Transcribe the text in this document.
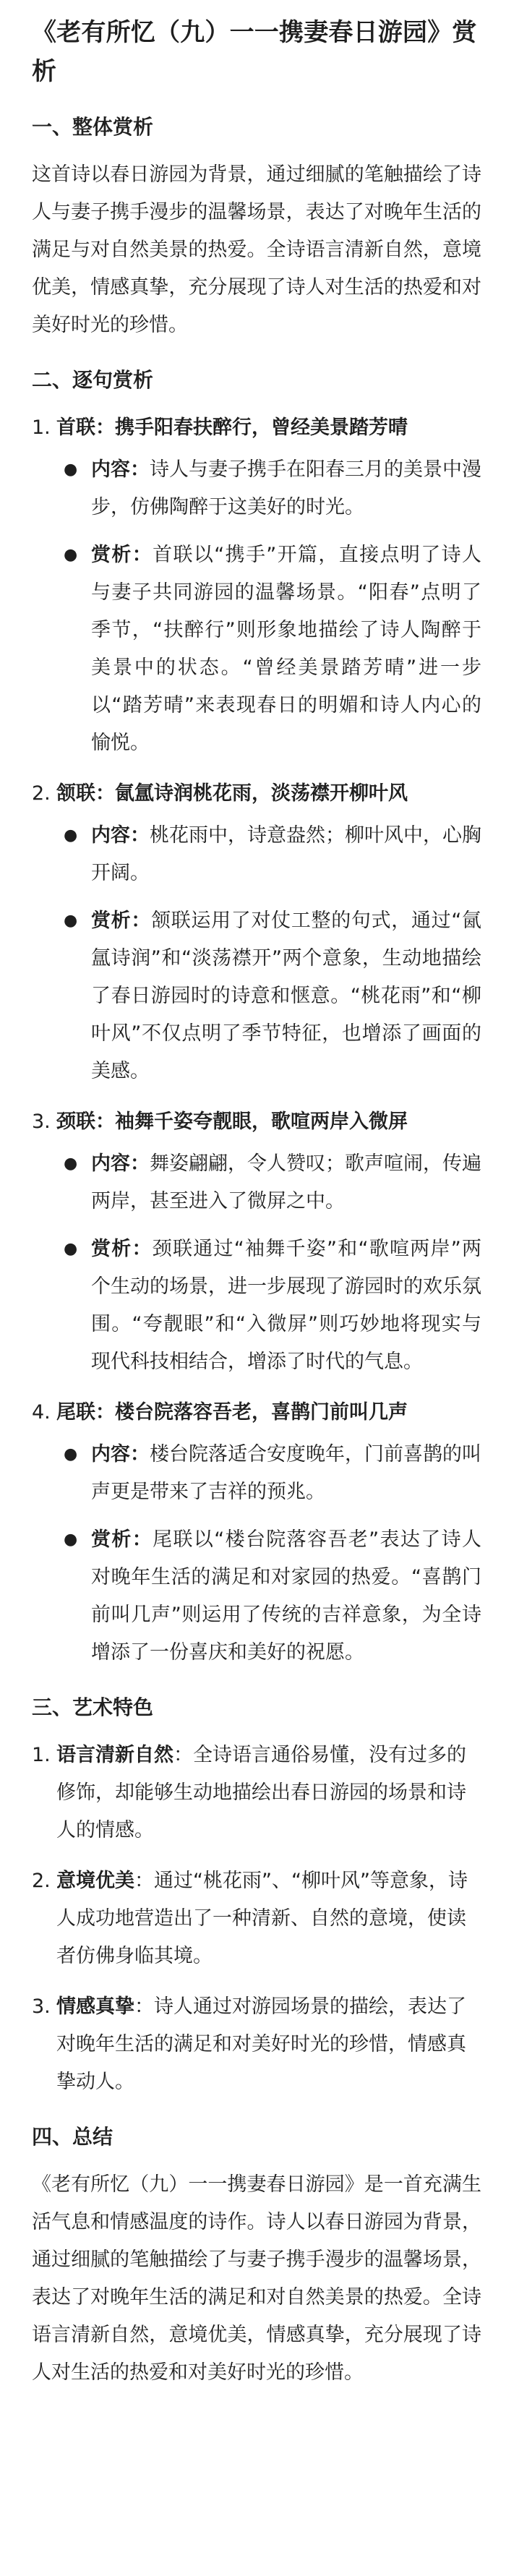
《老有所忆（九）一一携妻春日游园》赏析
一、整体赏析
这首诗以春日游园为背景，通过细腻的笔触描绘了诗人与妻子携手漫步的温馨场景，表达了对晚年生活的满足与对自然美景的热爱。全诗语言清新自然，意境优美，情感真挚，充分展现了诗人对生活的热爱和对美好时光的珍惜。
二、逐句赏析
1. 首联：携手阳春扶醉行，曾经美景踏芳晴
● 内容：诗人与妻子携手在阳春三月的美景中漫步，仿佛陶醉于这美好的时光。
● 赏析：首联以“携手”开篇，直接点明了诗人与妻子共同游园的温馨场景。“阳春”点明了季节，“扶醉行”则形象地描绘了诗人陶醉于美景中的状态。“曾经美景踏芳晴”进一步以“踏芳晴”来表现春日的明媚和诗人内心的愉悦。
2. 颔联：氤氲诗润桃花雨，淡荡襟开柳叶风
● 内容：桃花雨中，诗意盎然；柳叶风中，心胸开阔。
● 赏析：颔联运用了对仗工整的句式，通过“氤氲诗润”和“淡荡襟开”两个意象，生动地描绘了春日游园时的诗意和惬意。“桃花雨”和“柳叶风”不仅点明了季节特征，也增添了画面的美感。
3. 颈联：袖舞千姿夸靓眼，歌喧两岸入微屏
● 内容：舞姿翩翩，令人赞叹；歌声喧闹，传遍两岸，甚至进入了微屏之中。
● 赏析：颈联通过“袖舞千姿”和“歌喧两岸”两个生动的场景，进一步展现了游园时的欢乐氛围。“夸靓眼”和“入微屏”则巧妙地将现实与现代科技相结合，增添了时代的气息。
4. 尾联：楼台院落容吾老，喜鹊门前叫几声
● 内容：楼台院落适合安度晚年，门前喜鹊的叫声更是带来了吉祥的预兆。
● 赏析：尾联以“楼台院落容吾老”表达了诗人对晚年生活的满足和对家园的热爱。“喜鹊门前叫几声”则运用了传统的吉祥意象，为全诗增添了一份喜庆和美好的祝愿。
三、艺术特色
1. 语言清新自然：全诗语言通俗易懂，没有过多的修饰，却能够生动地描绘出春日游园的场景和诗人的情感。
2. 意境优美：通过“桃花雨”、“柳叶风”等意象，诗人成功地营造出了一种清新、自然的意境，使读者仿佛身临其境。
3. 情感真挚：诗人通过对游园场景的描绘，表达了对晚年生活的满足和对美好时光的珍惜，情感真挚动人。
四、总结
《老有所忆（九）一一携妻春日游园》是一首充满生活气息和情感温度的诗作。诗人以春日游园为背景，通过细腻的笔触描绘了与妻子携手漫步的温馨场景，表达了对晚年生活的满足和对自然美景的热爱。全诗语言清新自然，意境优美，情感真挚，充分展现了诗人对生活的热爱和对美好时光的珍惜。
